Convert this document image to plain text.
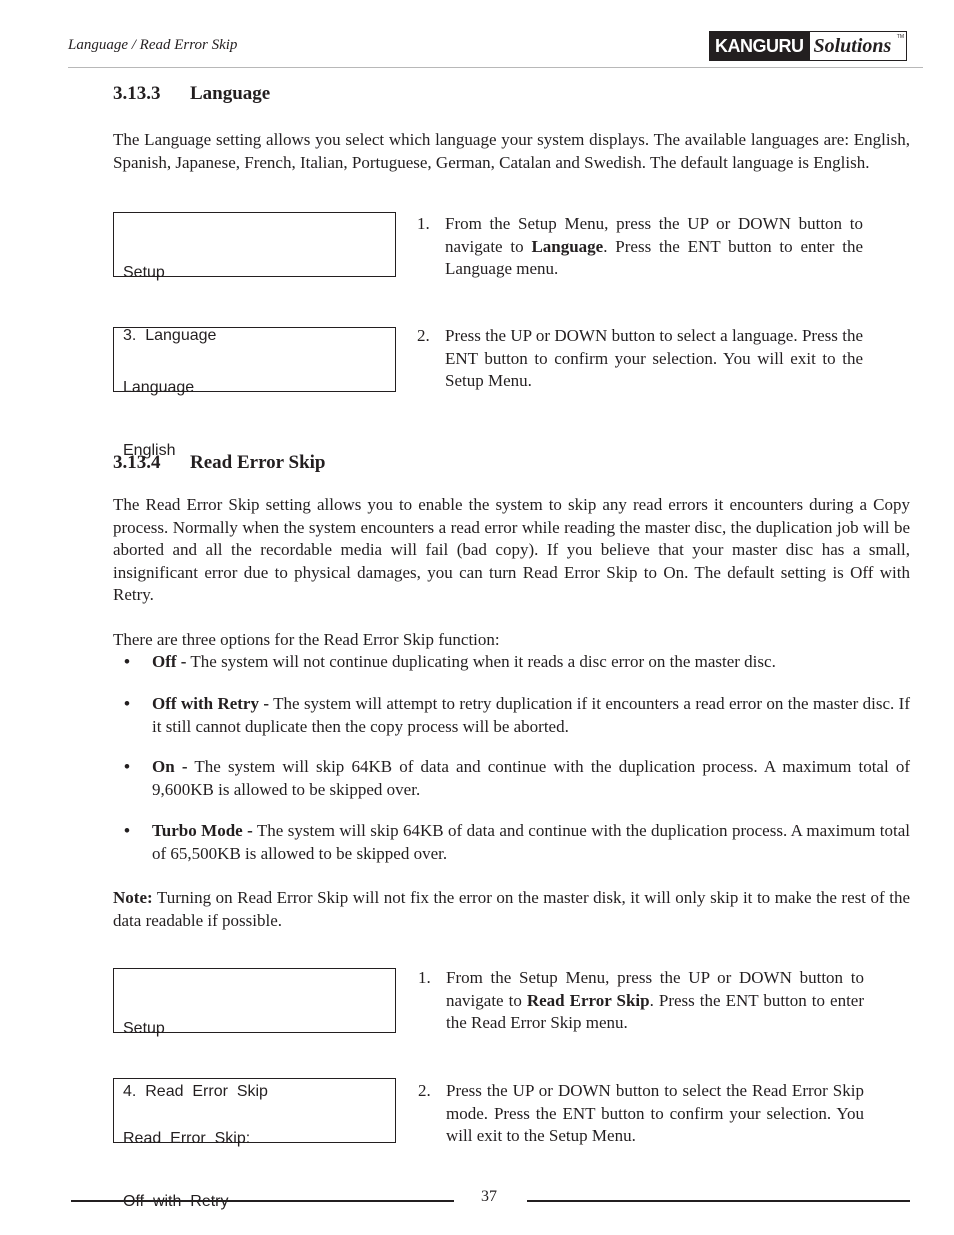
Language / Read Error Skip	KANGURU Solutions TM
3.13.3	Language
The Language setting allows you select which language your system displays. The available languages are: English, Spanish, Japanese, French, Italian, Portuguese, German, Catalan and Swedish. The default language is English.

Setup

3.  Language

1. From the Setup Menu, press the UP or DOWN button to navigate to Language. Press the ENT button to enter the Language menu.

Language

English

2. Press the UP or DOWN button to select a language. Press the ENT button to confirm your selection. You will exit to the Setup Menu.
3.13.4	Read Error Skip
The Read Error Skip setting allows you to enable the system to skip any read errors it encounters during a Copy process. Normally when the system encounters a read error while reading the master disc, the duplication job will be aborted and all the recordable media will fail (bad copy). If you believe that your master disc has a small, insignificant error due to physical damages, you can turn Read Error Skip to On. The default setting is Off with Retry.
There are three options for the Read Error Skip function:
•	Off - The system will not continue duplicating when it reads a disc error on the master disc.
•	Off with Retry - The system will attempt to retry duplication if it encounters a read error on the master disc. If it still cannot duplicate then the copy process will be aborted.
•	On - The system will skip 64KB of data and continue with the duplication process. A maximum total of 9,600KB is allowed to be skipped over.
•	Turbo Mode - The system will skip 64KB of data and continue with the duplication process. A maximum total of 65,500KB is allowed to be skipped over.
Note: Turning on Read Error Skip will not fix the error on the master disk, it will only skip it to make the rest of the data readable if possible.

Setup

4.  Read  Error  Skip

1. From the Setup Menu, press the UP or DOWN button to navigate to Read Error Skip. Press the ENT button to enter the Read Error Skip menu.

Read  Error  Skip:

Off  with  Retry

2. Press the UP or DOWN button to select the Read Error Skip mode. Press the ENT button to confirm your selection. You will exit to the Setup Menu.
37
